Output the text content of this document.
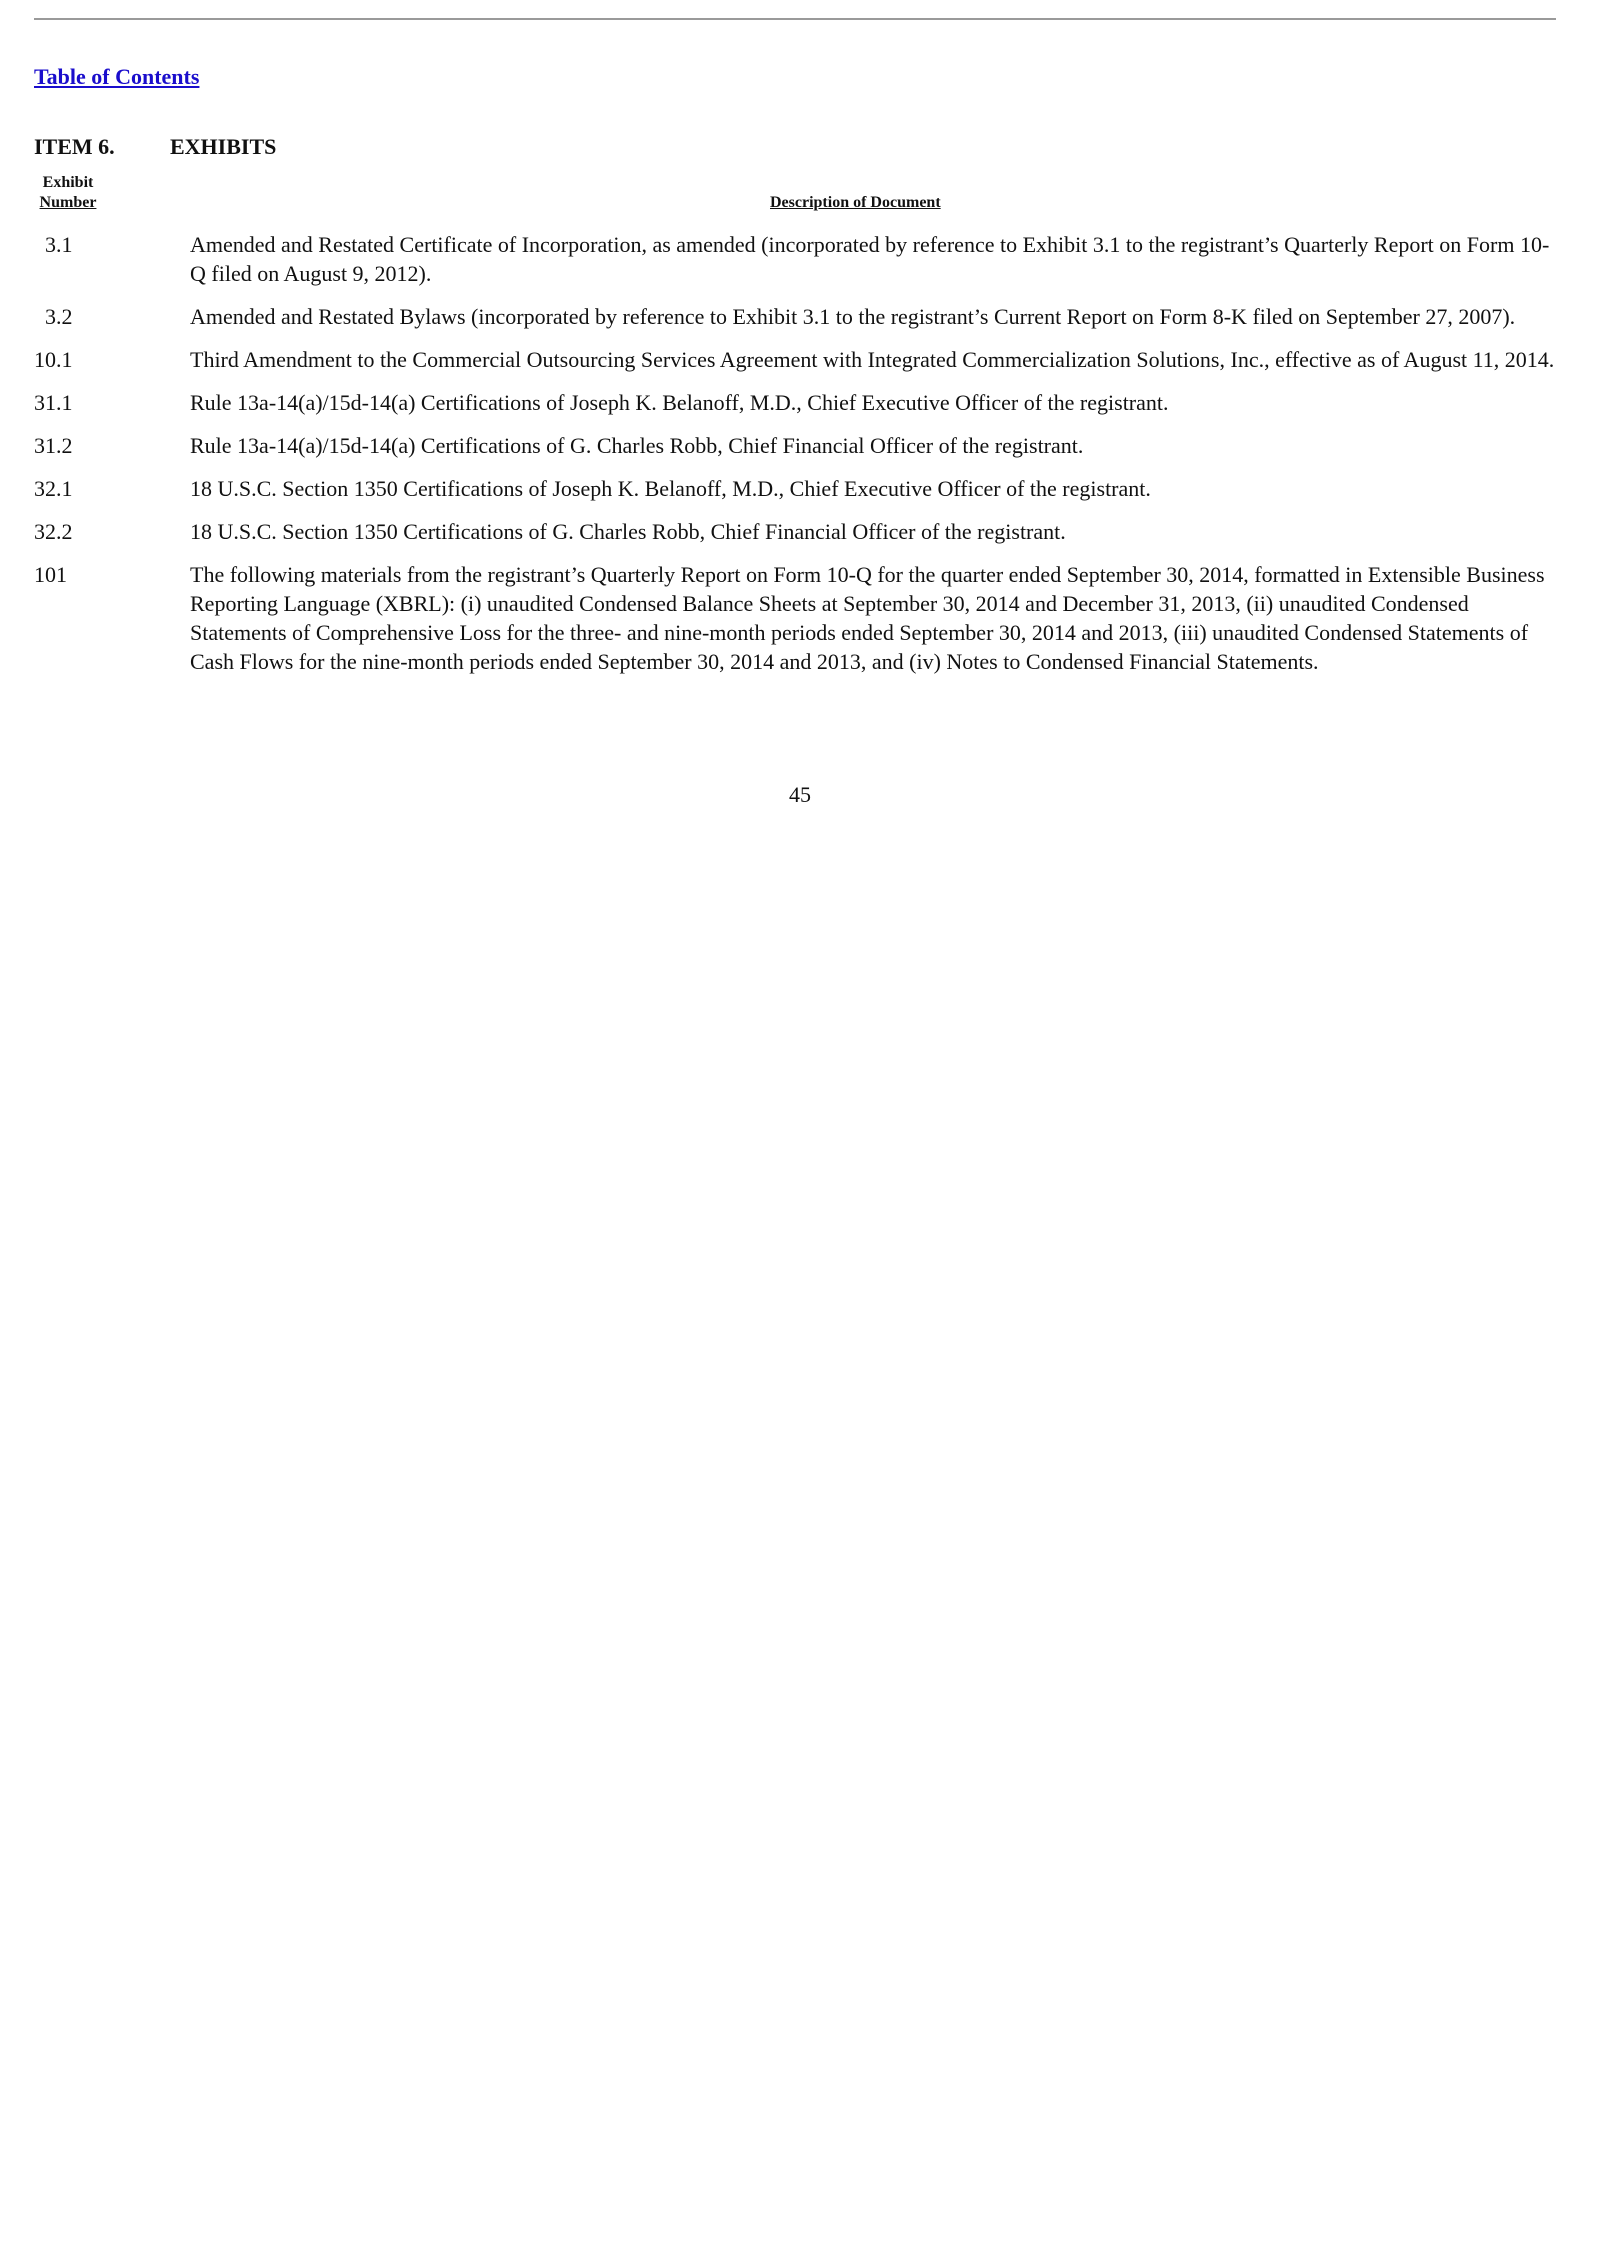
Table of Contents
ITEM 6.	EXHIBITS
Exhibit
Number	Description of Document
3.1	Amended and Restated Certificate of Incorporation, as amended (incorporated by reference to Exhibit 3.1 to the registrant’s Quarterly Report on Form 10-Q filed on August 9, 2012).
3.2	Amended and Restated Bylaws (incorporated by reference to Exhibit 3.1 to the registrant’s Current Report on Form 8-K filed on September 27, 2007).
10.1	Third Amendment to the Commercial Outsourcing Services Agreement with Integrated Commercialization Solutions, Inc., effective as of August 11, 2014.
31.1	Rule 13a-14(a)/15d-14(a) Certifications of Joseph K. Belanoff, M.D., Chief Executive Officer of the registrant.
31.2	Rule 13a-14(a)/15d-14(a) Certifications of G. Charles Robb, Chief Financial Officer of the registrant.
32.1	18 U.S.C. Section 1350 Certifications of Joseph K. Belanoff, M.D., Chief Executive Officer of the registrant.
32.2	18 U.S.C. Section 1350 Certifications of G. Charles Robb, Chief Financial Officer of the registrant.
101	The following materials from the registrant’s Quarterly Report on Form 10-Q for the quarter ended September 30, 2014, formatted in Extensible Business Reporting Language (XBRL): (i) unaudited Condensed Balance Sheets at September 30, 2014 and December 31, 2013, (ii) unaudited Condensed Statements of Comprehensive Loss for the three- and nine-month periods ended September 30, 2014 and 2013, (iii) unaudited Condensed Statements of Cash Flows for the nine-month periods ended September 30, 2014 and 2013, and (iv) Notes to Condensed Financial Statements.
45
